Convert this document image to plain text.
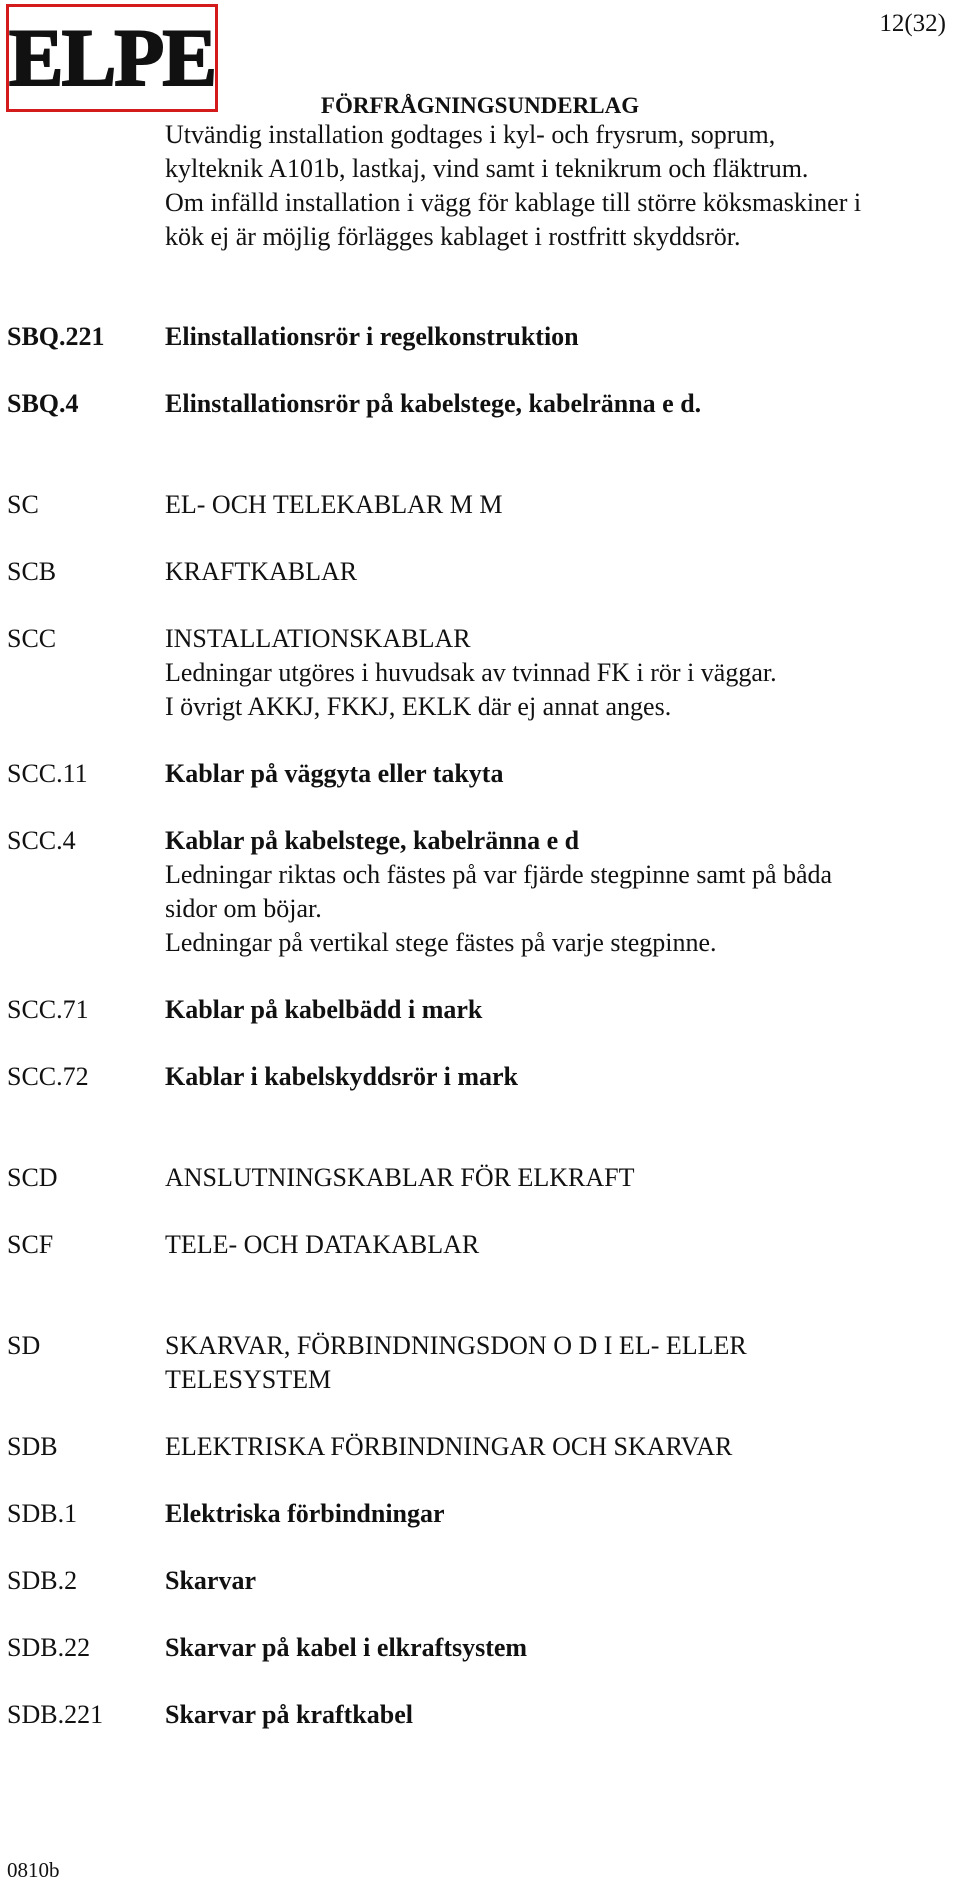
ELPE	12(32)
FÖRFRÅGNINGSUNDERLAG

Utvändig installation godtages i kyl- och frysrum, soprum,

kylteknik A101b, lastkaj, vind samt i teknikrum och fläktrum.

Om infälld installation i vägg för kablage till större köksmaskiner i

kök ej är möjlig förlägges kablaget i rostfritt skyddsrör.

SBQ.221 Elinstallationsrör i regelkonstruktion
SBQ.4	Elinstallationsrör på kabelstege, kabelränna e d.
SC	EL- OCH TELEKABLAR M M
SCB	KRAFTKABLAR
SCC	INSTALLATIONSKABLAR
Ledningar utgöres i huvudsak av tvinnad FK i rör i väggar.
I övrigt AKKJ, FKKJ, EKLK där ej annat anges.
SCC.11	Kablar på väggyta eller takyta
SCC.4	Kablar på kabelstege, kabelränna e d
Ledningar riktas och fästes på var fjärde stegpinne samt på båda
sidor om böjar.
Ledningar på vertikal stege fästes på varje stegpinne.
SCC.71	Kablar på kabelbädd i mark
SCC.72	Kablar i kabelskyddsrör i mark
SCD	ANSLUTNINGSKABLAR FÖR ELKRAFT
SCF	TELE- OCH DATAKABLAR
SD	SKARVAR, FÖRBINDNINGSDON O D I EL- ELLER
TELESYSTEM
SDB	ELEKTRISKA FÖRBINDNINGAR OCH SKARVAR
SDB.1	Elektriska förbindningar
SDB.2	Skarvar
SDB.22	Skarvar på kabel i elkraftsystem
SDB.221 Skarvar på kraftkabel
0810b
